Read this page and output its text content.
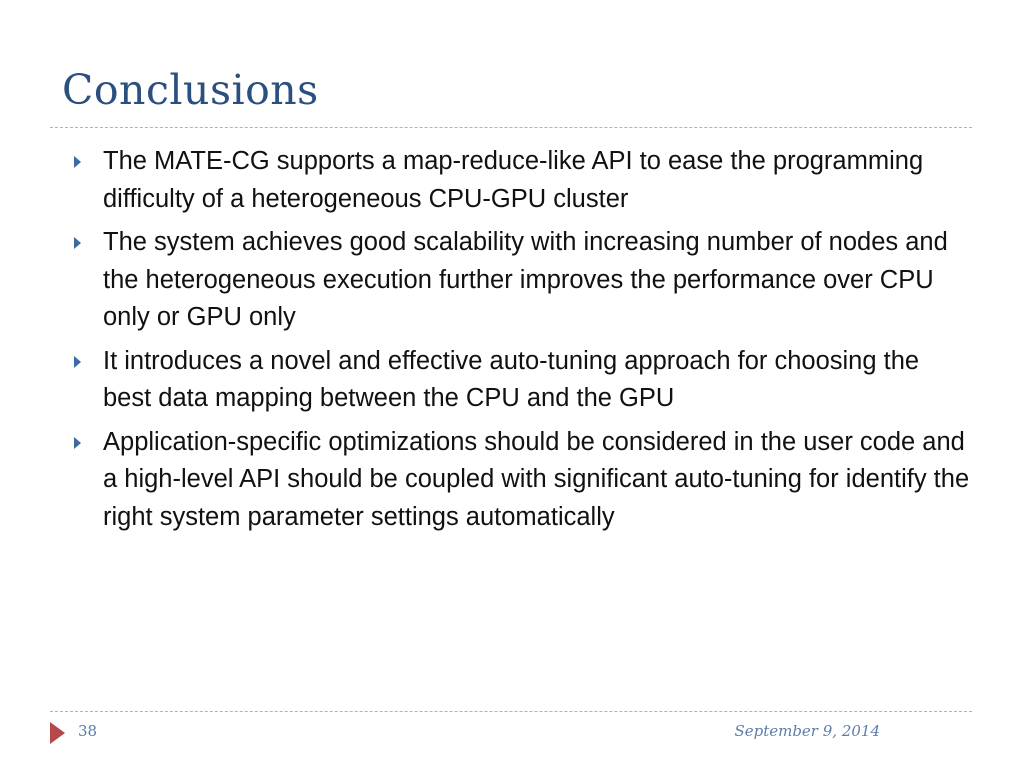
Conclusions
The MATE-CG supports a map-reduce-like API to ease the programming difficulty of a heterogeneous CPU-GPU cluster
The system achieves good scalability with increasing number of nodes and the heterogeneous execution further improves the performance over CPU only or GPU only
It introduces a novel and effective auto-tuning approach for choosing the best data mapping between the CPU and the GPU
Application-specific optimizations should be considered in the user code and a high-level API should be coupled with significant auto-tuning for identify the right system parameter settings automatically
38	September 9, 2014
